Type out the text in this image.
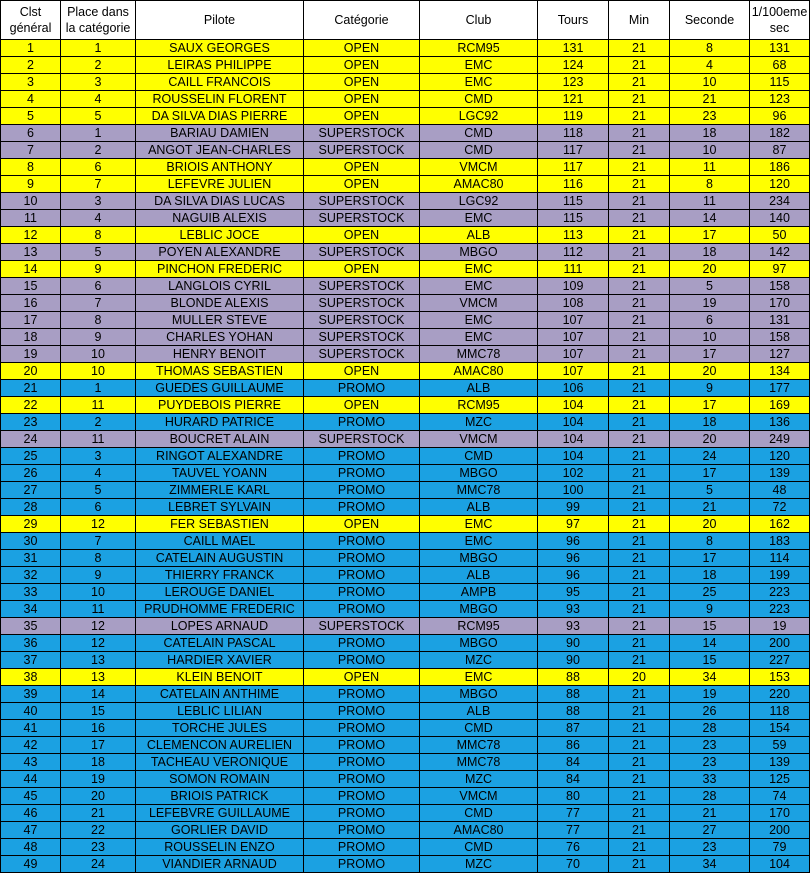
Clst général	Place dans la catégorie	Pilote	Catégorie	Club	Tours	Min	Seconde	1/100eme sec
1	1	SAUX GEORGES	OPEN	RCM95	131	21	8	131
2	2	LEIRAS PHILIPPE	OPEN	EMC	124	21	4	68
3	3	CAILL FRANCOIS	OPEN	EMC	123	21	10	115
4	4	ROUSSELIN FLORENT	OPEN	CMD	121	21	21	123
5	5	DA SILVA DIAS PIERRE	OPEN	LGC92	119	21	23	96
6	1	BARIAU DAMIEN	SUPERSTOCK	CMD	118	21	18	182
7	2	ANGOT JEAN-CHARLES	SUPERSTOCK	CMD	117	21	10	87
8	6	BRIOIS ANTHONY	OPEN	VMCM	117	21	11	186
9	7	LEFEVRE JULIEN	OPEN	AMAC80	116	21	8	120
10	3	DA SILVA DIAS LUCAS	SUPERSTOCK	LGC92	115	21	11	234
11	4	NAGUIB ALEXIS	SUPERSTOCK	EMC	115	21	14	140
12	8	LEBLIC JOCE	OPEN	ALB	113	21	17	50
13	5	POYEN ALEXANDRE	SUPERSTOCK	MBGO	112	21	18	142
14	9	PINCHON FREDERIC	OPEN	EMC	111	21	20	97
15	6	LANGLOIS CYRIL	SUPERSTOCK	EMC	109	21	5	158
16	7	BLONDE ALEXIS	SUPERSTOCK	VMCM	108	21	19	170
17	8	MULLER STEVE	SUPERSTOCK	EMC	107	21	6	131
18	9	CHARLES YOHAN	SUPERSTOCK	EMC	107	21	10	158
19	10	HENRY BENOIT	SUPERSTOCK	MMC78	107	21	17	127
20	10	THOMAS SEBASTIEN	OPEN	AMAC80	107	21	20	134
21	1	GUEDES GUILLAUME	PROMO	ALB	106	21	9	177
22	11	PUYDEBOIS PIERRE	OPEN	RCM95	104	21	17	169
23	2	HURARD PATRICE	PROMO	MZC	104	21	18	136
24	11	BOUCRET ALAIN	SUPERSTOCK	VMCM	104	21	20	249
25	3	RINGOT ALEXANDRE	PROMO	CMD	104	21	24	120
26	4	TAUVEL YOANN	PROMO	MBGO	102	21	17	139
27	5	ZIMMERLE KARL	PROMO	MMC78	100	21	5	48
28	6	LEBRET SYLVAIN	PROMO	ALB	99	21	21	72
29	12	FER SEBASTIEN	OPEN	EMC	97	21	20	162
30	7	CAILL MAEL	PROMO	EMC	96	21	8	183
31	8	CATELAIN AUGUSTIN	PROMO	MBGO	96	21	17	114
32	9	THIERRY FRANCK	PROMO	ALB	96	21	18	199
33	10	LEROUGE DANIEL	PROMO	AMPB	95	21	25	223
34	11	PRUDHOMME FREDERIC	PROMO	MBGO	93	21	9	223
35	12	LOPES ARNAUD	SUPERSTOCK	RCM95	93	21	15	19
36	12	CATELAIN PASCAL	PROMO	MBGO	90	21	14	200
37	13	HARDIER XAVIER	PROMO	MZC	90	21	15	227
38	13	KLEIN BENOIT	OPEN	EMC	88	20	34	153
39	14	CATELAIN ANTHIME	PROMO	MBGO	88	21	19	220
40	15	LEBLIC LILIAN	PROMO	ALB	88	21	26	118
41	16	TORCHE JULES	PROMO	CMD	87	21	28	154
42	17	CLEMENCON AURELIEN	PROMO	MMC78	86	21	23	59
43	18	TACHEAU VERONIQUE	PROMO	MMC78	84	21	23	139
44	19	SOMON ROMAIN	PROMO	MZC	84	21	33	125
45	20	BRIOIS PATRICK	PROMO	VMCM	80	21	28	74
46	21	LEFEBVRE GUILLAUME	PROMO	CMD	77	21	21	170
47	22	GORLIER DAVID	PROMO	AMAC80	77	21	27	200
48	23	ROUSSELIN ENZO	PROMO	CMD	76	21	23	79
49	24	VIANDIER ARNAUD	PROMO	MZC	70	21	34	104
